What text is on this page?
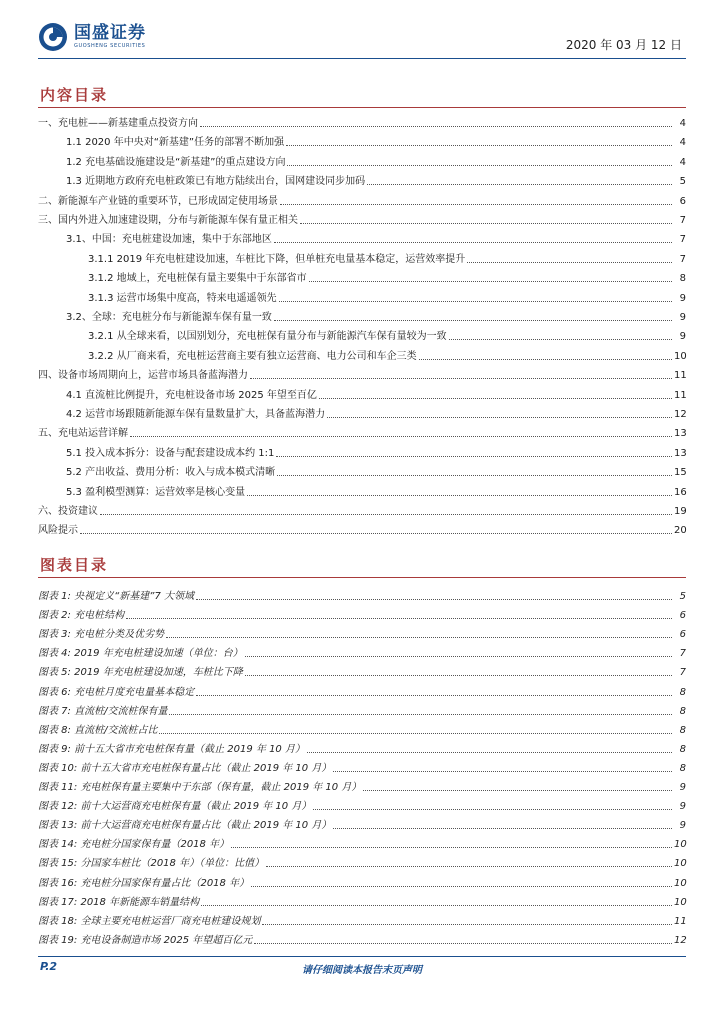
国盛证券
GUOSHENG SECURITIES	2020 年 03 月 12 日
内容目录
一、充电桩——新基建重点投资方向	4
1.1 2020 年中央对“新基建”任务的部署不断加强	4
1.2 充电基础设施建设是“新基建”的重点建设方向	4
1.3 近期地方政府充电桩政策已有地方陆续出台，国网建设同步加码	5
二、新能源车产业链的重要环节，已形成固定使用场景	6
三、国内外进入加速建设期，分布与新能源车保有量正相关	7
3.1、中国：充电桩建设加速，集中于东部地区	7
3.1.1 2019 年充电桩建设加速，车桩比下降，但单桩充电量基本稳定，运营效率提升	7
3.1.2 地域上，充电桩保有量主要集中于东部省市	8
3.1.3 运营市场集中度高，特来电遥遥领先	9
3.2、全球：充电桩分布与新能源车保有量一致	9
3.2.1 从全球来看，以国别划分，充电桩保有量分布与新能源汽车保有量较为一致	9
3.2.2 从厂商来看，充电桩运营商主要有独立运营商、电力公司和车企三类	10
四、设备市场周期向上，运营市场具备蓝海潜力	11
4.1 直流桩比例提升，充电桩设备市场 2025 年望至百亿	11
4.2 运营市场跟随新能源车保有量数量扩大，具备蓝海潜力	12
五、充电站运营详解	13
5.1 投入成本拆分：设备与配套建设成本约 1:1	13
5.2 产出收益、费用分析：收入与成本模式清晰	15
5.3 盈利模型测算：运营效率是核心变量	16
六、投资建议	19
风险提示	20
图表目录
图表 1: 央视定义“新基建”7 大领域	5
图表 2: 充电桩结构	6
图表 3: 充电桩分类及优劣势	6
图表 4: 2019 年充电桩建设加速（单位：台）	7
图表 5: 2019 年充电桩建设加速，车桩比下降	7
图表 6: 充电桩月度充电量基本稳定	8
图表 7: 直流桩/交流桩保有量	8
图表 8: 直流桩/交流桩占比	8
图表 9: 前十五大省市充电桩保有量（截止 2019 年 10 月）	8
图表 10: 前十五大省市充电桩保有量占比（截止 2019 年 10 月）	8
图表 11: 充电桩保有量主要集中于东部（保有量，截止 2019 年 10 月）	9
图表 12: 前十大运营商充电桩保有量（截止 2019 年 10 月）	9
图表 13: 前十大运营商充电桩保有量占比（截止 2019 年 10 月）	9
图表 14: 充电桩分国家保有量（2018 年）	10
图表 15: 分国家车桩比（2018 年）（单位：比值）	10
图表 16: 充电桩分国家保有量占比（2018 年）	10
图表 17: 2018 年新能源车销量结构	10
图表 18: 全球主要充电桩运营厂商充电桩建设规划	11
图表 19: 充电设备制造市场 2025 年望超百亿元	12
P.2	请仔细阅读本报告末页声明
